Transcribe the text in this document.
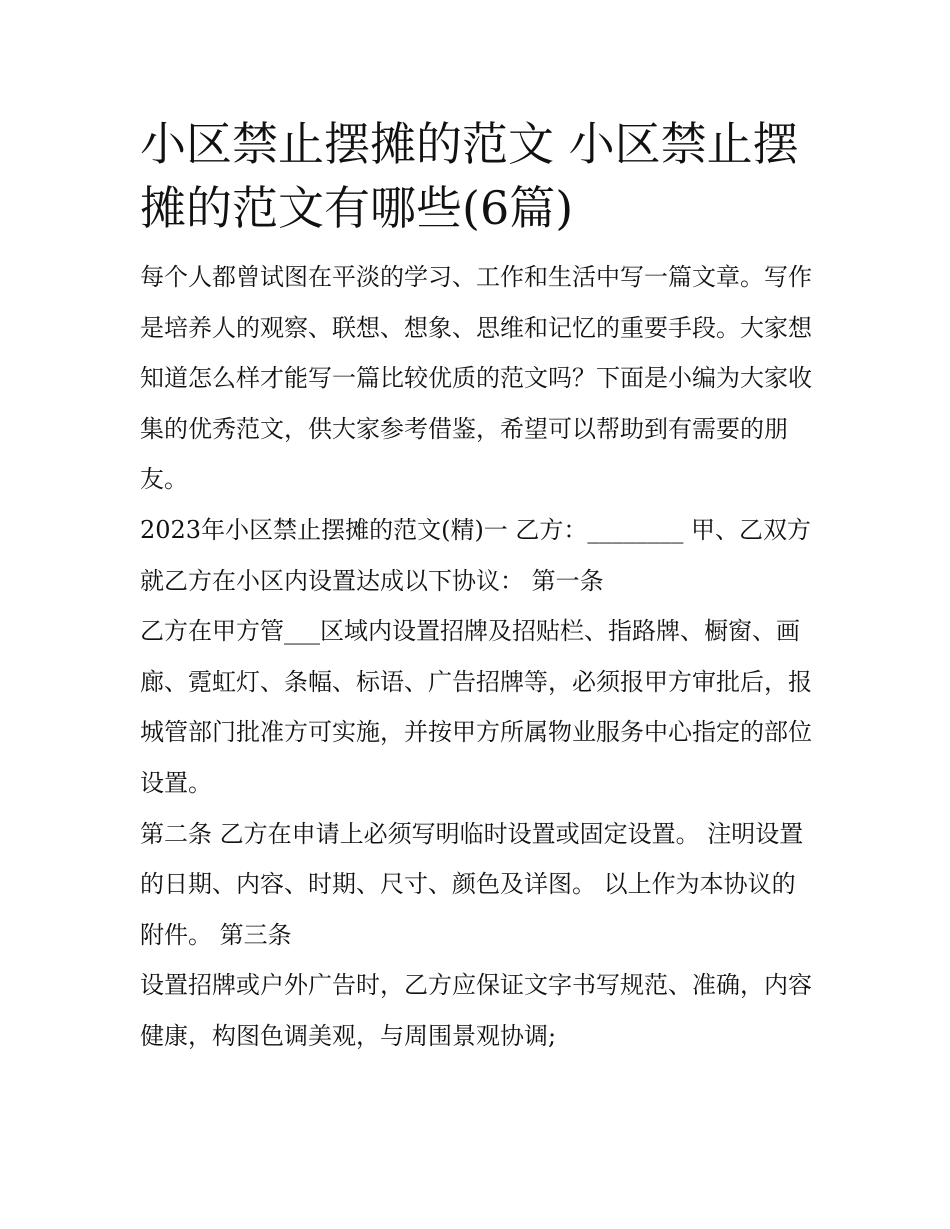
小区禁止摆摊的范文 小区禁止摆摊的范文有哪些(6篇)

每个人都曾试图在平淡的学习、工作和生活中写一篇文章。写作是培养人的观察、联想、想象、思维和记忆的重要手段。大家想知道怎么样才能写一篇比较优质的范文吗？下面是小编为大家收集的优秀范文，供大家参考借鉴，希望可以帮助到有需要的朋友。

2023年小区禁止摆摊的范文(精)一 乙方：________ 甲、乙双方就乙方在小区内设置达成以下协议： 第一条

乙方在甲方管___区域内设置招牌及招贴栏、指路牌、橱窗、画廊、霓虹灯、条幅、标语、广告招牌等，必须报甲方审批后，报城管部门批准方可实施，并按甲方所属物业服务中心指定的部位设置。

第二条 乙方在申请上必须写明临时设置或固定设置。 注明设置的日期、内容、时期、尺寸、颜色及详图。 以上作为本协议的附件。 第三条

设置招牌或户外广告时，乙方应保证文字书写规范、准确，内容健康，构图色调美观，与周围景观协调;
